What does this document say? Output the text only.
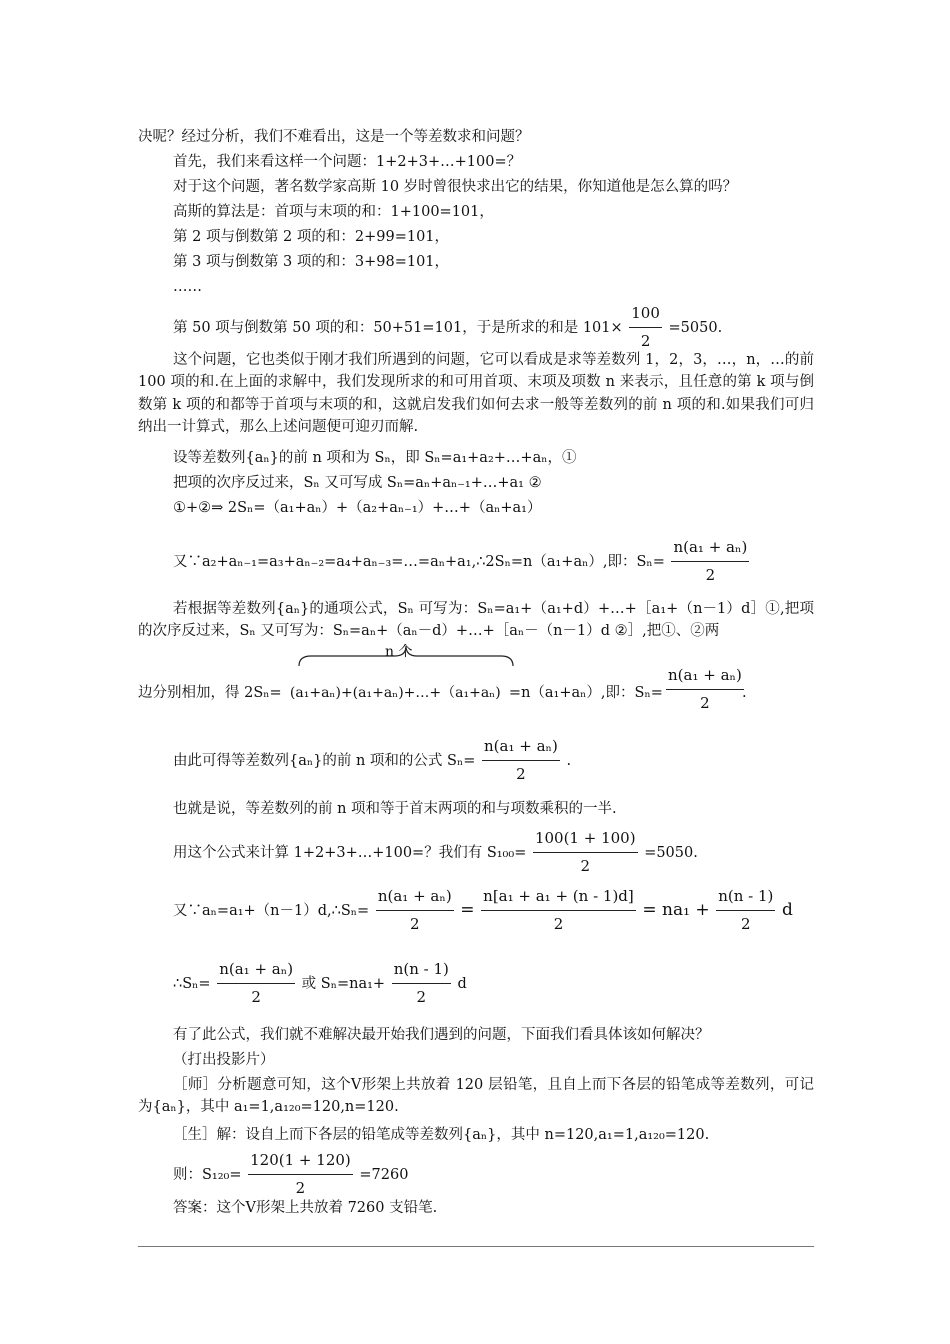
决呢？经过分析，我们不难看出，这是一个等差数求和问题？
首先，我们来看这样一个问题：1+2+3+…+100=？
对于这个问题，著名数学家高斯 10 岁时曾很快求出它的结果，你知道他是怎么算的吗？
高斯的算法是：首项与末项的和：1+100=101，
第 2 项与倒数第 2 项的和：2+99=101，
第 3 项与倒数第 3 项的和：3+98=101，
……
第 50 项与倒数第 50 项的和：50+51=101，于是所求的和是 $101\times \frac{100}{2} =5050$.
这个问题，它也类似于刚才我们所遇到的问题，它可以看成是求等差数列 1，2，3，…，n，…的前 100 项的和.在上面的求解中，我们发现所求的和可用首项、末项及项数 n 来表示，且任意的第 k 项与倒数第 k 项的和都等于首项与末项的和，这就启发我们如何去求一般等差数列的前 n 项的和.如果我们可归纳出一计算式，那么上述问题便可迎刃而解.
设等差数列{aₙ}的前 n 项和为 Sₙ，即 Sₙ=a₁+a₂+…+aₙ，①
把项的次序反过来，Sₙ 又可写成 Sₙ=aₙ+aₙ₋₁+…+a₁ ②
①+②⇒ 2Sₙ=（a₁+aₙ）+（a₂+aₙ₋₁）+…+（aₙ+a₁）
又∵a₂+aₙ₋₁=a₃+aₙ₋₂=a₄+aₙ₋₃=…=aₙ+a₁,∴2Sₙ=n（a₁+aₙ）,即：$S_n= \frac{\text{n(a₁ + aₙ)}}{2}$
若根据等差数列{aₙ}的通项公式，Sₙ 可写为：Sₙ=a₁+（a₁+d）+…+［a₁+（n－1）d］①,把项的次序反过来，Sₙ 又可写为：Sₙ=aₙ+（aₙ－d）+…+［aₙ－（n－1）d ②］,把①、②两
n 个
边分别相加，得 2Sₙ= (a₁+aₙ)+(a₁+aₙ)+…+（a₁+aₙ) =n（a₁+aₙ）,即：Sₙ=
n(a₁ + aₙ)
2
.
由此可得等差数列{aₙ}的前 n 项和的公式 $S_n= \frac{\text{n(a₁ + aₙ)}}{2}$ .
也就是说，等差数列的前 n 项和等于首末两项的和与项数乘积的一半.
用这个公式来计算 1+2+3+…+100=？我们有 $S_{100}= \frac{100(1 + 100)}{2} =5050$.
又∵aₙ=a₁+（n－1）d,∴Sₙ= $\frac{\text{n(a₁ + aₙ)}}{2} = \frac{\text{n[a₁ + a₁ + (n - 1)d]}}{2} = na_1 + \frac{n(n - 1)}{2}$ d
∴Sₙ= $\frac{\text{n(a₁ + aₙ)}}{2}$ 或 $S_n=na_1+ \frac{n(n - 1)}{2}$ d
有了此公式，我们就不难解决最开始我们遇到的问题，下面我们看具体该如何解决？
（打出投影片）
［师］分析题意可知，这个Ⅴ形架上共放着 120 层铅笔，且自上而下各层的铅笔成等差数列，可记为{aₙ}，其中 a₁=1,a₁₂₀=120,n=120.
［生］解：设自上而下各层的铅笔成等差数列{aₙ}，其中 n=120,a₁=1,a₁₂₀=120.
则：$S_{120}= \frac{120(1 + 120)}{2} =7260$
答案：这个Ⅴ形架上共放着 7260 支铅笔.
